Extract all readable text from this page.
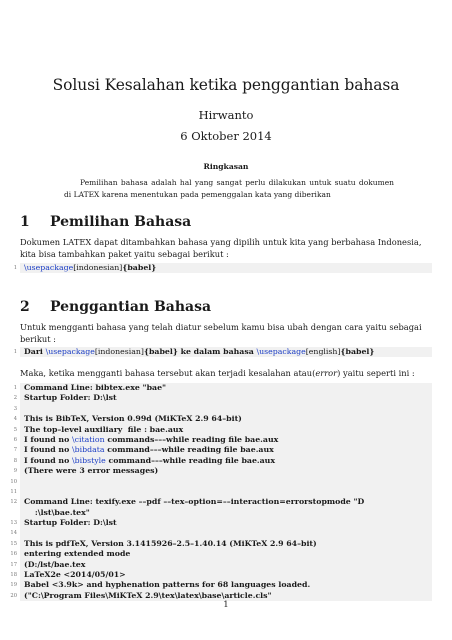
Solusi Kesalahan ketika penggantian bahasa
Hirwanto
6 Oktober 2014
Ringkasan
Pemilihan bahasa adalah hal yang sangat perlu dilakukan untuk suatu dokumen di LATEX karena menentukan pada pemenggalan kata yang diberikan
1 Pemilihan Bahasa
Dokumen LATEX dapat ditambahkan bahasa yang dipilih untuk kita yang berbahasa Indonesia, kita bisa tambahkan paket yaitu sebagai berikut :
1 \usepackage[indonesian]{babel}
2 Penggantian Bahasa
Untuk mengganti bahasa yang telah diatur sebelum kamu bisa ubah dengan cara yaitu sebagai berikut :
1 Dari \usepackage[indonesian]{babel} ke dalam bahasa \usepackage[english]{babel}
Maka, ketika mengganti bahasa tersebut akan terjadi kesalahan atau(error) yaitu seperti ini :
1 Command Line: bibtex.exe "bae"
2 Startup Folder: D:\lst
3
4 This is BibTeX, Version 0.99d (MiKTeX 2.9 64–bit)
5 The top–level auxiliary  file : bae.aux
6 I found no \citation commands–––while reading file bae.aux
7 I found no \bibdata command–––while reading file bae.aux
8 I found no \bibstyle command–––while reading file bae.aux
9 (There were 3 error messages)
10
11
12 Command Line: texify.exe ––pdf ––tex–option=––interaction=errorstopmode "D
:\lst\bae.tex"
13 Startup Folder: D:\lst
14
15 This is pdfTeX, Version 3.1415926–2.5–1.40.14 (MiKTeX 2.9 64–bit)
16 entering extended mode
17 (D:/lst/bae.tex
18 LaTeX2e <2014/05/01>
19 Babel <3.9k> and hyphenation patterns for 68 languages loaded.
20 ("C:\Program Files\MiKTeX 2.9\tex\latex\base\article.cls"
1
